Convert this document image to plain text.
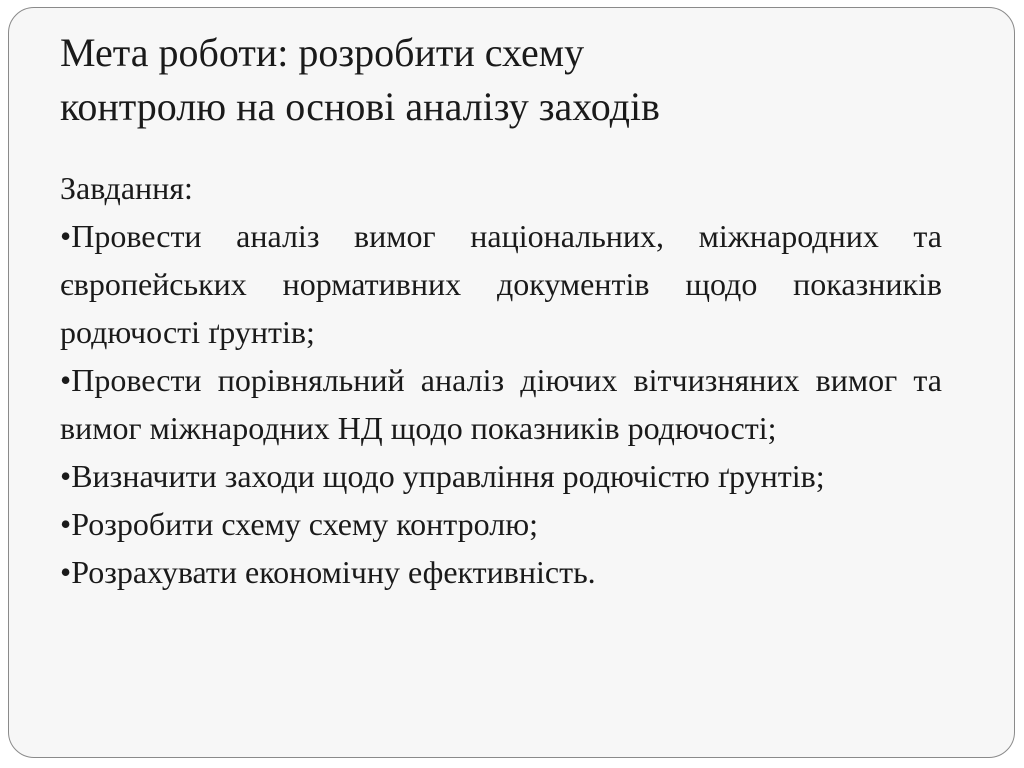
Мета роботи: розробити схему
контролю на основі аналізу заходів

Завдання:

•Провести аналіз вимог національних, міжнародних та європейських нормативних документів щодо показників родючості ґрунтів;
•Провести порівняльний аналіз діючих вітчизняних вимог та вимог міжнародних НД щодо показників родючості;
•Визначити заходи щодо управління родючістю ґрунтів;
•Розробити схему схему контролю;
•Розрахувати економічну ефективність.
